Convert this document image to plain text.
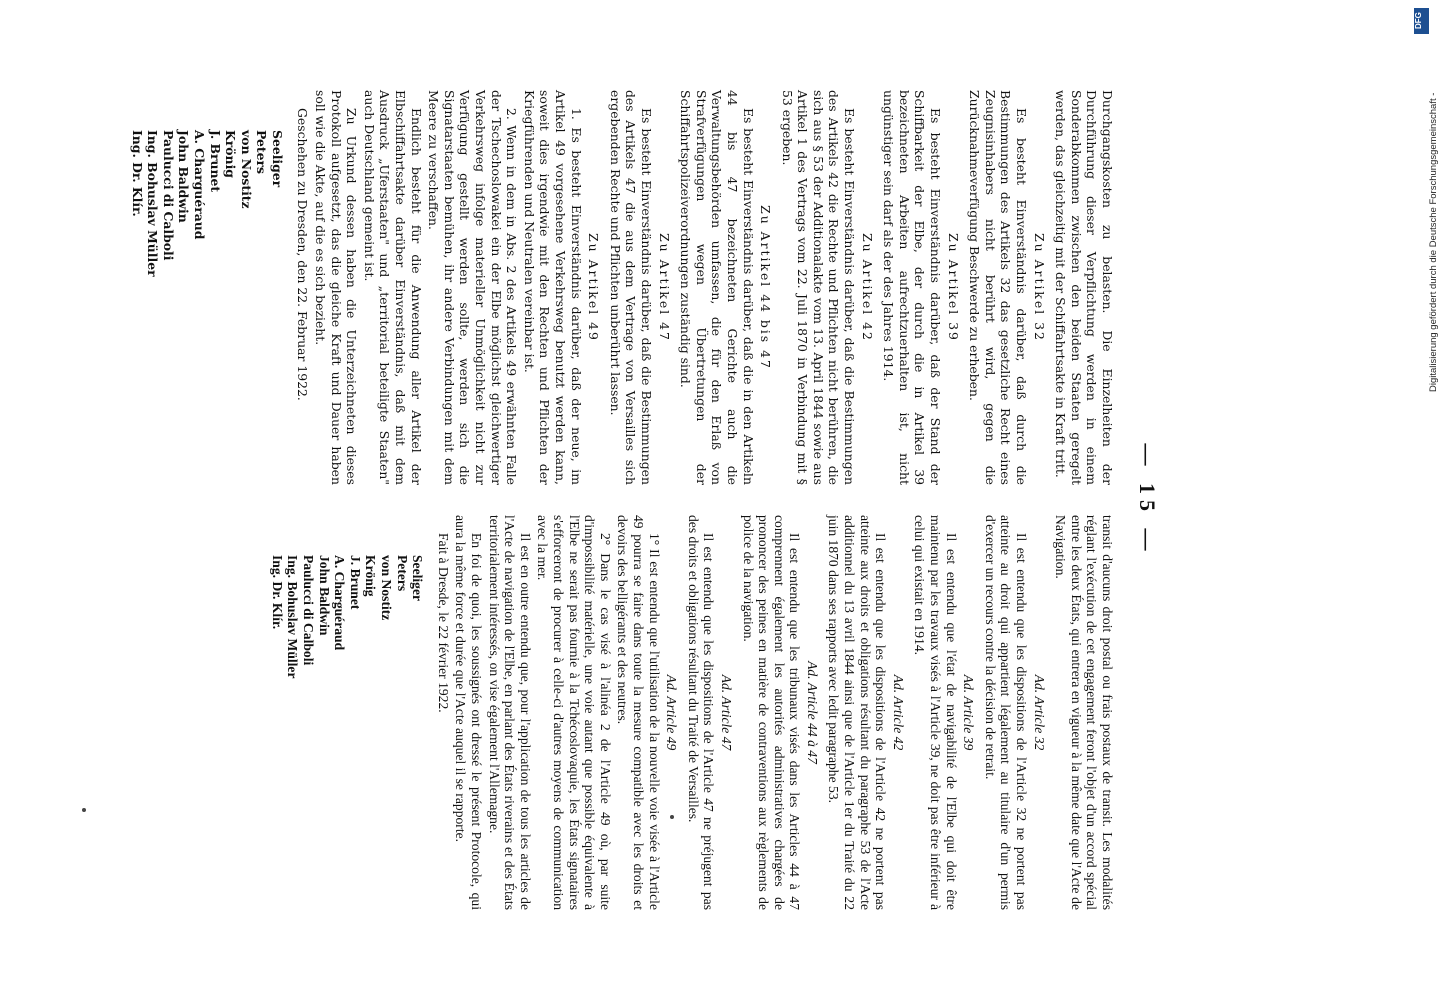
— 15 —

Durchgangskosten zu belasten. Die Einzelheiten der Durchführung dieser Verpflichtung werden in einem Sonderabkommen zwischen den beiden Staaten geregelt werden, das gleichzeitig mit der Schiffahrtsakte in Kraft tritt.

Zu Artikel 32

Es besteht Einverständnis darüber, daß durch die Bestimmungen des Artikels 32 das gesetzliche Recht eines Zeugnisinhabers nicht berührt wird, gegen die Zurücknahmeverfügung Beschwerde zu erheben.

Zu Artikel 39

Es besteht Einverständnis darüber, daß der Stand der Schiffbarkeit der Elbe, der durch die in Artikel 39 bezeichneten Arbeiten aufrechtzuerhalten ist, nicht ungünstiger sein darf als der des Jahres 1914.

Zu Artikel 42

Es besteht Einverständnis darüber, daß die Bestimmungen des Artikels 42 die Rechte und Pflichten nicht berühren, die sich aus § 53 der Additionalakte vom 13. April 1844 sowie aus Artikel 1 des Vertrags vom 22. Juli 1870 in Verbindung mit § 53 ergeben.

Zu Artikel 44 bis 47

Es besteht Einverständnis darüber, daß die in den Artikeln 44 bis 47 bezeichneten Gerichte auch die Verwaltungsbehörden umfassen, die für den Erlaß von Strafverfügungen wegen Übertretungen der Schiffahrtspolizeiverordnungen zuständig sind.

Zu Artikel 47

Es besteht Einverständnis darüber, daß die Bestimmungen des Artikels 47 die aus dem Vertrage von Versailles sich ergebenden Rechte und Pflichten unberührt lassen.

Zu Artikel 49

1. Es besteht Einverständnis darüber, daß der neue, im Artikel 49 vorgesehene Verkehrsweg benutzt werden kann, soweit dies irgendwie mit den Rechten und Pflichten der Kriegführenden und Neutralen vereinbar ist.

2. Wenn in dem in Abs. 2 des Artikels 49 erwähnten Falle der Tschechoslowakei ein der Elbe möglichst gleichwertiger Verkehrsweg infolge materieller Unmöglichkeit nicht zur Verfügung gestellt werden sollte, werden sich die Signatarstaaten bemühen, ihr andere Verbindungen mit dem Meere zu verschaffen.

Endlich besteht für die Anwendung aller Artikel der Elbschiffahrtsakte darüber Einverständnis, daß mit dem Ausdruck „Uferstaaten" und „territorial beteiligte Staaten" auch Deutschland gemeint ist.

Zu Urkund dessen haben die Unterzeichneten dieses Protokoll aufgesetzt, das die gleiche Kraft und Dauer haben soll wie die Akte, auf die es sich bezieht.

Geschehen zu Dresden, den 22. Februar 1922.

Seeliger
Peters
von Nostitz
Krönig
J. Brunet
A. Charguéraud
John Baldwin
Paulucci di Calboli
Ing. Bohuslav Müller
Ing. Dr. Klír.

transit d'aucuns droit postal ou frais postaux de transit. Les modalités réglant l'exécution de cet engagement feront l'objet d'un accord spécial entre les deux États, qui entrera en vigueur à la même date que l'Acte de Navigation.

Ad. Article 32

Il est entendu que les dispositions de l'Article 32 ne portent pas atteinte au droit qui appartient légalement au titulaire d'un permis d'exercer un recours contre la décision de retrait.

Ad. Article 39

Il est entendu que l'état de navigabilité de l'Elbe qui doit être maintenu par les travaux visés à l'Article 39, ne doit pas être inférieur à celui qui existait en 1914.

Ad. Article 42

Il est entendu que les dispositions de l'Article 42 ne portent pas atteinte aux droits et obligations résultant du paragraphe 53 de l'Acte additionnel du 13 avril 1844 ainsi que de l'Article 1er du Traité du 22 juin 1870 dans ses rapports avec ledit paragraphe 53.

Ad. Article 44 à 47

Il est entendu que les tribunaux visés dans les Articles 44 à 47 comprennent également les autorités administratives chargées de prononcer des peines en matière de contraventions aux règlements de police de la navigation.

Ad. Article 47

Il est entendu que les dispositions de l'Article 47 ne préjugent pas des droits et obligations résultant du Traité de Versailles.

Ad. Article 49

1° Il est entendu que l'utilisation de la nouvelle voie visée à l'Article 49 pourra se faire dans toute la mesure compatible avec les droits et devoirs des belligérants et des neutres.

2° Dans le cas visé à l'alinéa 2 de l'Article 49 où, par suite d'impossibilité matérielle, une voie autant que possible équivalente à l'Elbe ne serait pas fournie à la Tchécoslovaquie, les États signataires s'efforceront de procurer à celle-ci d'autres moyens de communication avec la mer.

Il est en outre entendu que, pour l'application de tous les articles de l'Acte de navigation de l'Elbe, en parlant des États riverains et des États territorialement intéressés, on vise également l'Allemagne.

En foi de quoi, les soussignés ont dressé le présent Protocole, qui aura la même force et durée que l'Acte auquel il se rapporte.

Fait à Dresde, le 22 février 1922.

Seeliger
Peters
von Nostitz
Krönig
J. Brunet
A. Charguéraud
John Baldwin
Paulucci di Calboli
Ing. Bohuslav Müller
Ing. Dr. Klír.
DFG
Digitalisierung gefördert durch die Deutsche Forschungsgemeinschaft -
